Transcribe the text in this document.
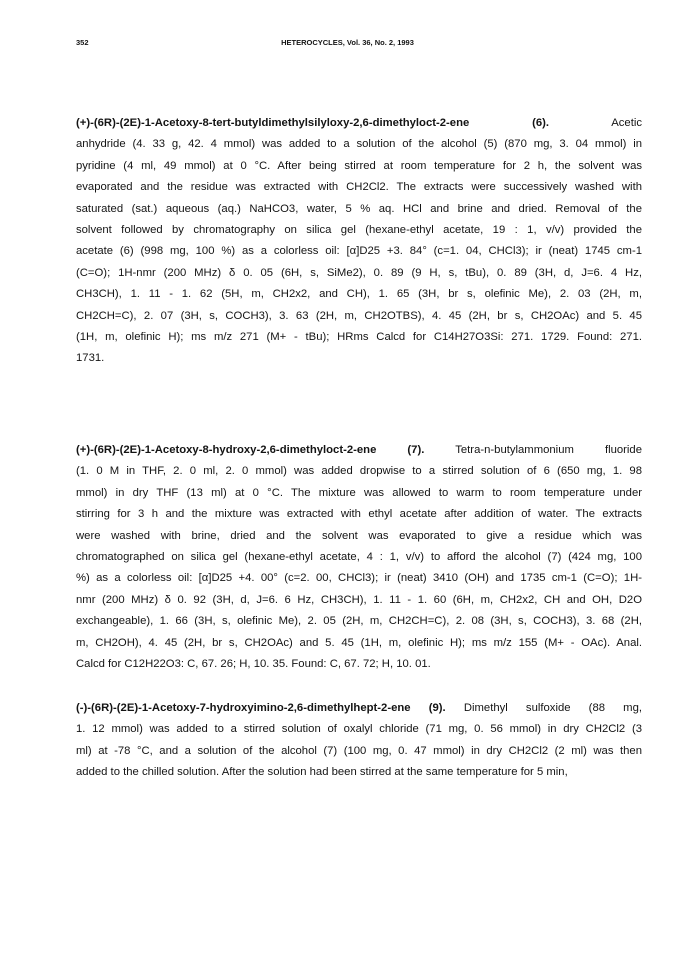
352	HETEROCYCLES, Vol. 36, No. 2, 1993
(+)-(6R)-(2E)-1-Acetoxy-8-tert-butyldimethylsilyloxy-2,6-dimethyloct-2-ene (6).	Acetic
anhydride (4. 33 g, 42. 4 mmol) was added to a solution of the alcohol (5) (870 mg, 3. 04 mmol) in
pyridine (4 ml, 49 mmol) at 0 °C. After being stirred at room temperature for 2 h, the solvent was
evaporated and the residue was extracted with CH2Cl2. The extracts were successively washed with
saturated (sat.) aqueous (aq.) NaHCO3, water, 5 % aq. HCl and brine and dried. Removal of the
solvent followed by chromatography on silica gel (hexane-ethyl acetate, 19 : 1, v/v) provided the
acetate (6) (998 mg, 100 %) as a colorless oil: [α]D25 +3. 84° (c=1. 04, CHCl3); ir (neat) 1745 cm-1
(C=O); 1H-nmr (200 MHz) δ 0. 05 (6H, s, SiMe2), 0. 89 (9 H, s, tBu), 0. 89 (3H, d, J=6. 4 Hz,
CH3CH), 1. 11 - 1. 62 (5H, m, CH2x2, and CH), 1. 65 (3H, br s, olefinic Me), 2. 03 (2H, m,
CH2CH=C), 2. 07 (3H, s, COCH3), 3. 63 (2H, m, CH2OTBS), 4. 45 (2H, br s, CH2OAc) and 5. 45
(1H, m, olefinic H); ms m/z 271 (M+ - tBu); HRms Calcd for C14H27O3Si: 271. 1729. Found: 271.
1731.
(+)-(6R)-(2E)-1-Acetoxy-8-hydroxy-2,6-dimethyloct-2-ene (7).	Tetra-n-butylammonium fluoride
(1. 0 M in THF, 2. 0 ml, 2. 0 mmol) was added dropwise to a stirred solution of 6 (650 mg, 1. 98
mmol) in dry THF (13 ml) at 0 °C. The mixture was allowed to warm to room temperature under
stirring for 3 h and the mixture was extracted with ethyl acetate after addition of water. The extracts
were washed with brine, dried and the solvent was evaporated to give a residue which was
chromatographed on silica gel (hexane-ethyl acetate, 4 : 1, v/v) to afford the alcohol (7) (424 mg, 100
%) as a colorless oil: [α]D25 +4. 00° (c=2. 00, CHCl3); ir (neat) 3410 (OH) and 1735 cm-1 (C=O); 1H-
nmr (200 MHz) δ 0. 92 (3H, d, J=6. 6 Hz, CH3CH), 1. 11 - 1. 60 (6H, m, CH2x2, CH and OH, D2O
exchangeable), 1. 66 (3H, s, olefinic Me), 2. 05 (2H, m, CH2CH=C), 2. 08 (3H, s, COCH3), 3. 68 (2H,
m, CH2OH), 4. 45 (2H, br s, CH2OAc) and 5. 45 (1H, m, olefinic H); ms m/z 155 (M+ - OAc). Anal.
Calcd for C12H22O3: C, 67. 26; H, 10. 35. Found: C, 67. 72; H, 10. 01.
(-)-(6R)-(2E)-1-Acetoxy-7-hydroxyimino-2,6-dimethylhept-2-ene (9). Dimethyl sulfoxide (88 mg,
1. 12 mmol) was added to a stirred solution of oxalyl chloride (71 mg, 0. 56 mmol) in dry CH2Cl2 (3
ml) at -78 °C, and a solution of the alcohol (7) (100 mg, 0. 47 mmol) in dry CH2Cl2 (2 ml) was then
added to the chilled solution. After the solution had been stirred at the same temperature for 5 min,
